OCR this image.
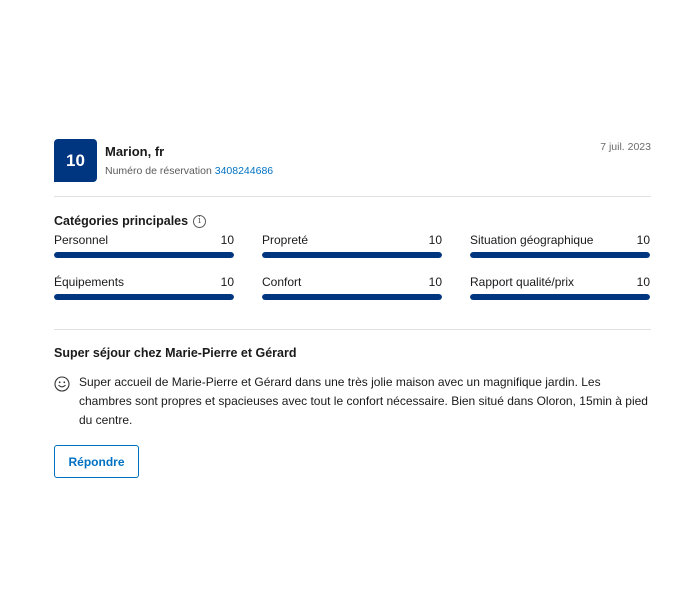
10	Marion, fr
Numéro de réservation 3408244686
7 juil. 2023
Catégories principales	i
Personnel	10 Propreté	10 Situation géographique	10
Équipements	10 Confort	10 Rapport qualité/prix	10
Super séjour chez Marie-Pierre et Gérard
Super accueil de Marie-Pierre et Gérard dans une très jolie maison avec un magnifique jardin. Les chambres sont propres et spacieuses avec tout le confort nécessaire. Bien situé dans Oloron, 15min à pied du centre.
Répondre
